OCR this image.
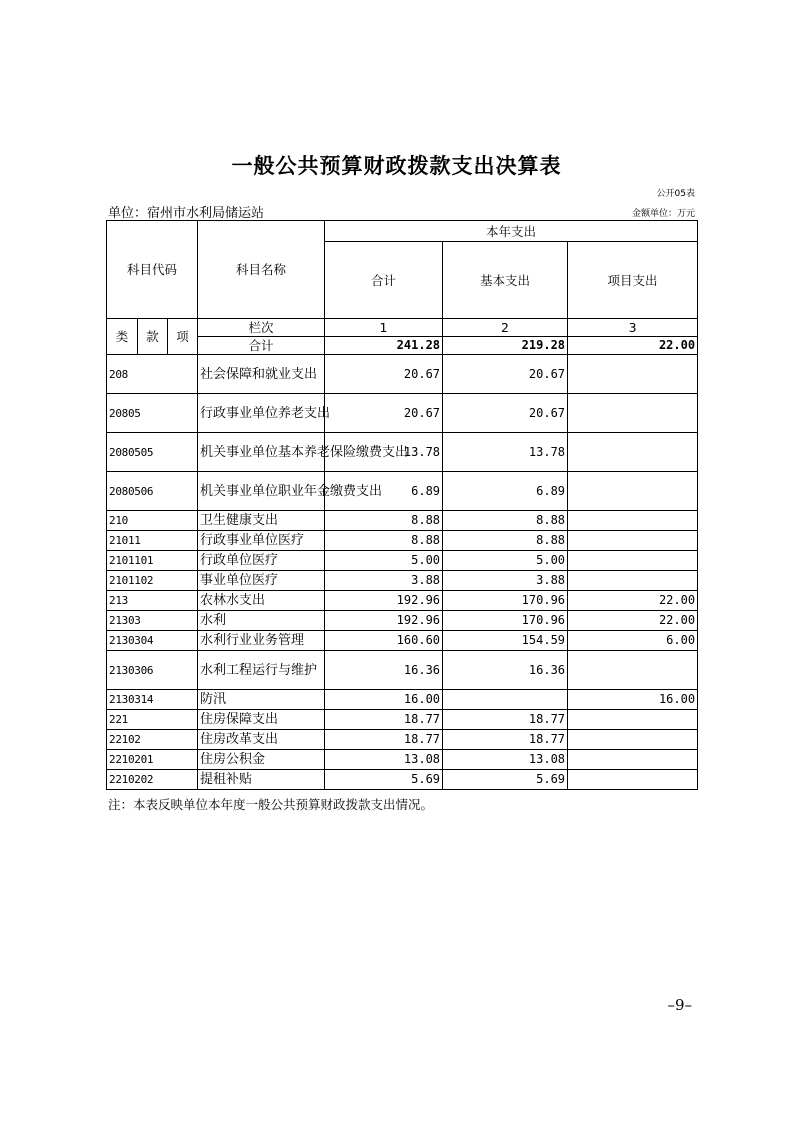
一般公共预算财政拨款支出决算表
公开05表
单位：宿州市水利局储运站	金额单位：万元
科目代码			科目名称	本年支出		
				合计	基本支出	项目支出
类	款	项	栏次	1	2	3
			合计	241.28	219.28	22.00
208			社会保障和就业支出	20.67	20.67	
20805			行政事业单位养老支出	20.67	20.67	
2080505			机关事业单位基本养老保险缴费支出	13.78	13.78	
2080506			机关事业单位职业年金缴费支出	6.89	6.89	
210			卫生健康支出	8.88	8.88	
21011			行政事业单位医疗	8.88	8.88	
2101101			行政单位医疗	5.00	5.00	
2101102			事业单位医疗	3.88	3.88	
213			农林水支出	192.96	170.96	22.00
21303			水利	192.96	170.96	22.00
2130304			水利行业业务管理	160.60	154.59	6.00
2130306			水利工程运行与维护	16.36	16.36	
2130314			防汛	16.00		16.00
221			住房保障支出	18.77	18.77	
22102			住房改革支出	18.77	18.77	
2210201			住房公积金	13.08	13.08	
2210202			提租补贴	5.69	5.69	
注：本表反映单位本年度一般公共预算财政拨款支出情况。
–9–
